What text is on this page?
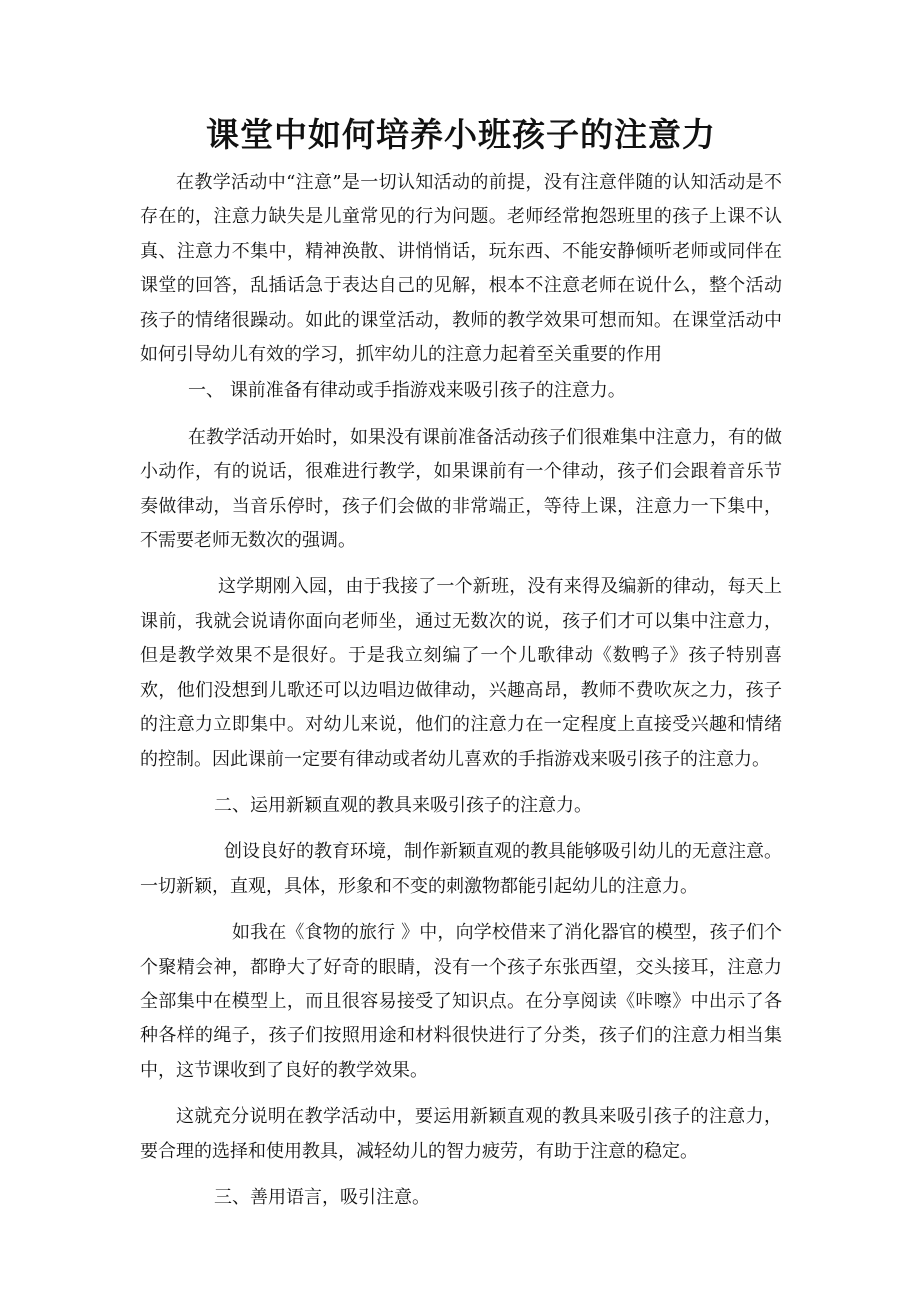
课堂中如何培养小班孩子的注意力

在教学活动中“注意”是一切认知活动的前提，没有注意伴随的认知活动是不存在的，注意力缺失是儿童常见的行为问题。老师经常抱怨班里的孩子上课不认真、注意力不集中，精神涣散、讲悄悄话，玩东西、不能安静倾听老师或同伴在课堂的回答，乱插话急于表达自己的见解，根本不注意老师在说什么，整个活动孩子的情绪很躁动。如此的课堂活动，教师的教学效果可想而知。在课堂活动中如何引导幼儿有效的学习，抓牢幼儿的注意力起着至关重要的作用

一、 课前准备有律动或手指游戏来吸引孩子的注意力。

在教学活动开始时，如果没有课前准备活动孩子们很难集中注意力，有的做小动作，有的说话，很难进行教学，如果课前有一个律动，孩子们会跟着音乐节奏做律动，当音乐停时，孩子们会做的非常端正，等待上课，注意力一下集中，不需要老师无数次的强调。

这学期刚入园，由于我接了一个新班，没有来得及编新的律动，每天上课前，我就会说请你面向老师坐，通过无数次的说，孩子们才可以集中注意力，但是教学效果不是很好。于是我立刻编了一个儿歌律动《数鸭子》孩子特别喜欢，他们没想到儿歌还可以边唱边做律动，兴趣高昂，教师不费吹灰之力，孩子的注意力立即集中。对幼儿来说，他们的注意力在一定程度上直接受兴趣和情绪的控制。因此课前一定要有律动或者幼儿喜欢的手指游戏来吸引孩子的注意力。

二、运用新颖直观的教具来吸引孩子的注意力。

创设良好的教育环境，制作新颖直观的教具能够吸引幼儿的无意注意。一切新颖，直观，具体，形象和不变的刺激物都能引起幼儿的注意力。

如我在《食物的旅行 》中，向学校借来了消化器官的模型，孩子们个个聚精会神，都睁大了好奇的眼睛，没有一个孩子东张西望，交头接耳，注意力全部集中在模型上，而且很容易接受了知识点。在分享阅读《咔嚓》中出示了各种各样的绳子，孩子们按照用途和材料很快进行了分类，孩子们的注意力相当集中，这节课收到了良好的教学效果。

这就充分说明在教学活动中，要运用新颖直观的教具来吸引孩子的注意力，要合理的选择和使用教具，减轻幼儿的智力疲劳，有助于注意的稳定。

三、善用语言，吸引注意。
